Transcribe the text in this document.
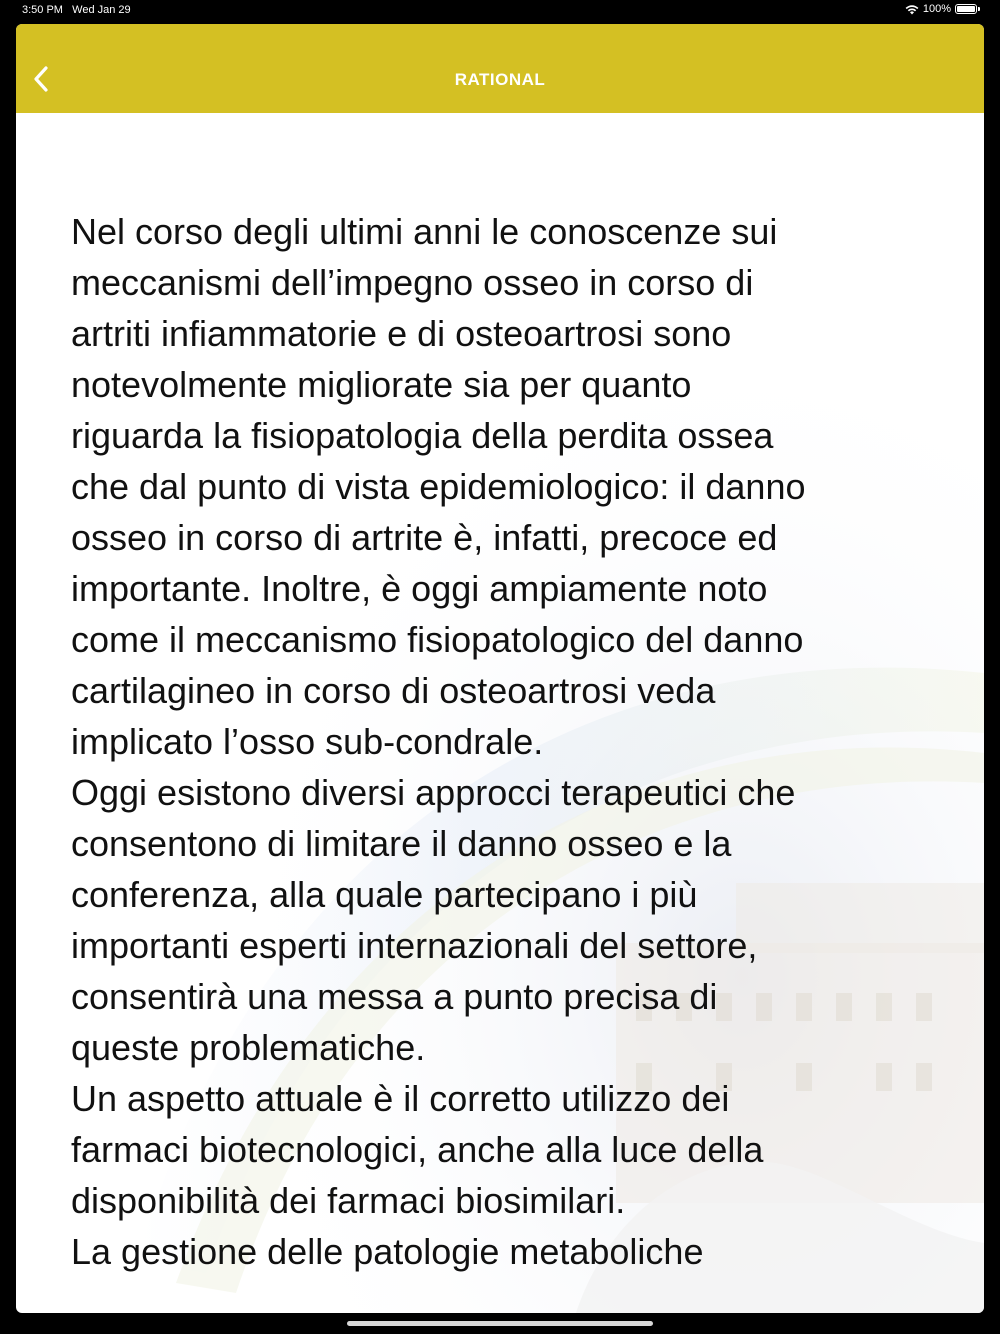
3:50 PM Wed Jan 29	100%
RATIONAL

Nel corso degli ultimi anni le conoscenze sui
meccanismi dell’impegno osseo in corso di
artriti infiammatorie e di osteoartrosi sono
notevolmente migliorate sia per quanto
riguarda la fisiopatologia della perdita ossea
che dal punto di vista epidemiologico: il danno
osseo in corso di artrite è, infatti, precoce ed
importante. Inoltre, è oggi ampiamente noto
come il meccanismo fisiopatologico del danno
cartilagineo in corso di osteoartrosi veda
implicato l’osso sub-condrale.
Oggi esistono diversi approcci terapeutici che
consentono di limitare il danno osseo e la
conferenza, alla quale partecipano i più
importanti esperti internazionali del settore,
consentirà una messa a punto precisa di
queste problematiche.
Un aspetto attuale è il corretto utilizzo dei
farmaci biotecnologici, anche alla luce della
disponibilità dei farmaci biosimilari.
La gestione delle patologie metaboliche
